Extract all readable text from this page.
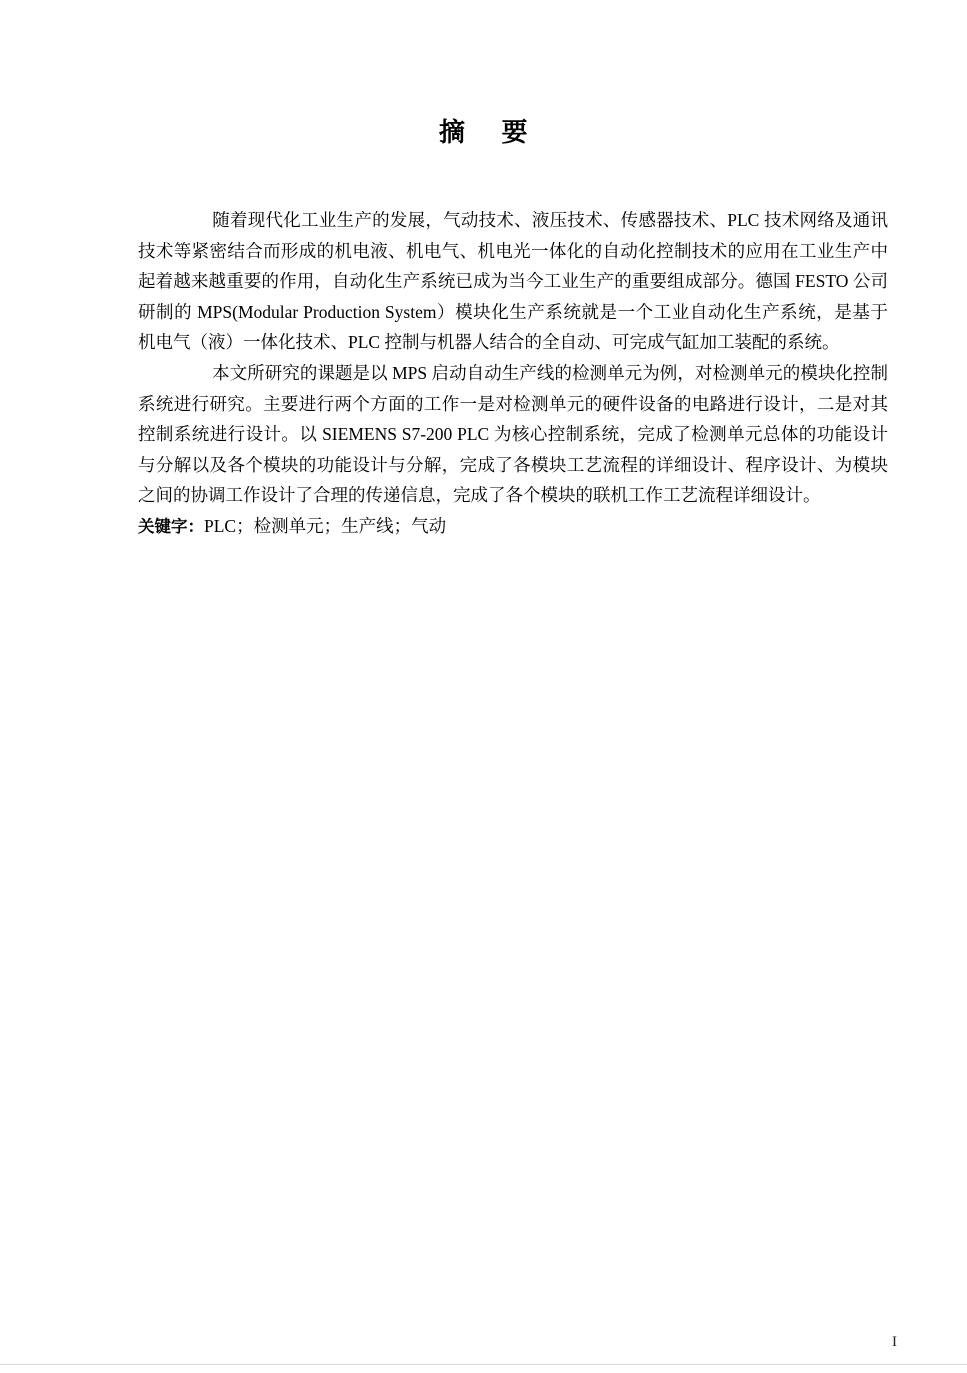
摘 要

随着现代化工业生产的发展，气动技术、液压技术、传感器技术、PLC 技术网络及通讯技术等紧密结合而形成的机电液、机电气、机电光一体化的自动化控制技术的应用在工业生产中起着越来越重要的作用，自动化生产系统已成为当今工业生产的重要组成部分。德国 FESTO 公司研制的 MPS(Modular Production System）模块化生产系统就是一个工业自动化生产系统，是基于机电气（液）一体化技术、PLC 控制与机器人结合的全自动、可完成气缸加工装配的系统。

本文所研究的课题是以 MPS 启动自动生产线的检测单元为例，对检测单元的模块化控制系统进行研究。主要进行两个方面的工作一是对检测单元的硬件设备的电路进行设计，二是对其控制系统进行设计。以 SIEMENS S7-200 PLC 为核心控制系统，完成了检测单元总体的功能设计与分解以及各个模块的功能设计与分解，完成了各模块工艺流程的详细设计、程序设计、为模块之间的协调工作设计了合理的传递信息，完成了各个模块的联机工作工艺流程详细设计。

关键字：PLC；检测单元；生产线；气动

I
